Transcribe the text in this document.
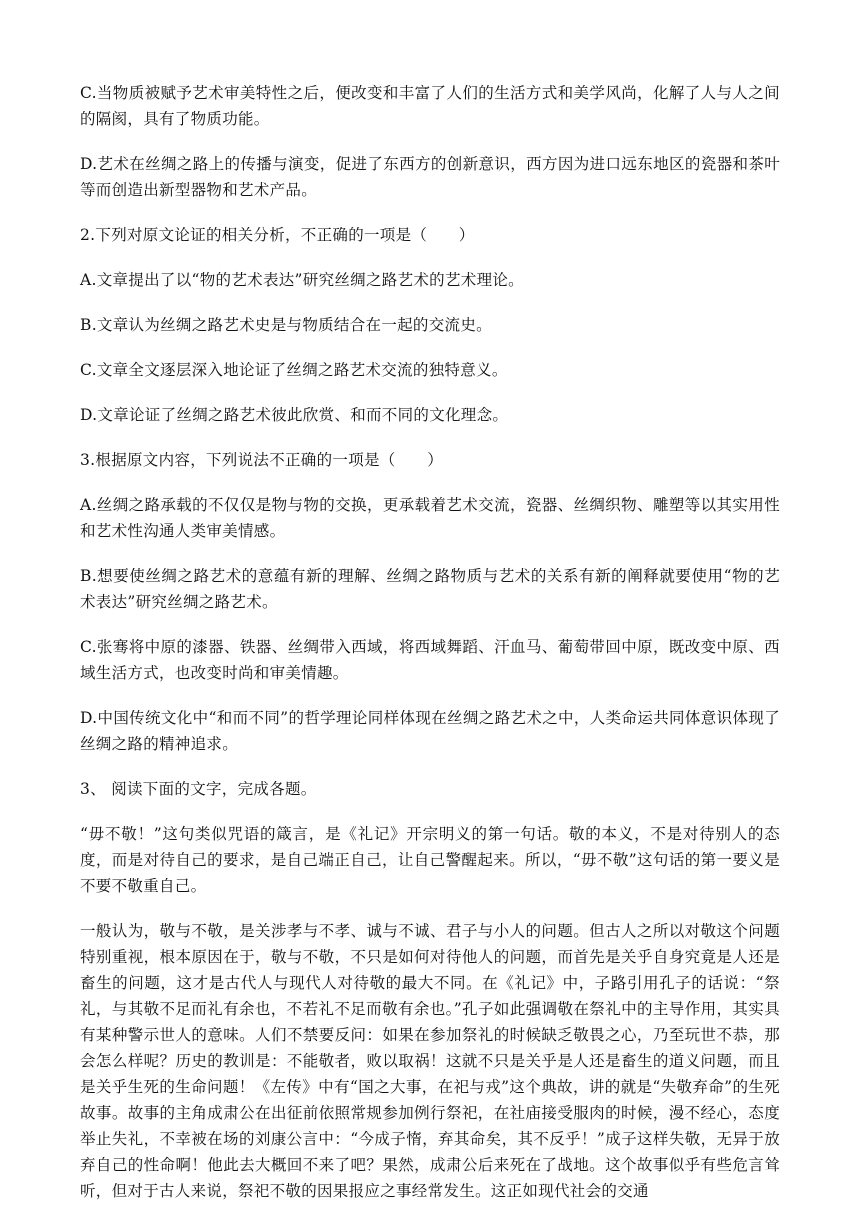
C.当物质被赋予艺术审美特性之后，便改变和丰富了人们的生活方式和美学风尚，化解了人与人之间的隔阂，具有了物质功能。

D.艺术在丝绸之路上的传播与演变，促进了东西方的创新意识，西方因为进口远东地区的瓷器和茶叶等而创造出新型器物和艺术产品。

2.下列对原文论证的相关分析，不正确的一项是（　　）

A.文章提出了以“物的艺术表达”研究丝绸之路艺术的艺术理论。

B.文章认为丝绸之路艺术史是与物质结合在一起的交流史。

C.文章全文逐层深入地论证了丝绸之路艺术交流的独特意义。

D.文章论证了丝绸之路艺术彼此欣赏、和而不同的文化理念。

3.根据原文内容，下列说法不正确的一项是（　　）

A.丝绸之路承载的不仅仅是物与物的交换，更承载着艺术交流，瓷器、丝绸织物、雕塑等以其实用性和艺术性沟通人类审美情感。

B.想要使丝绸之路艺术的意蕴有新的理解、丝绸之路物质与艺术的关系有新的阐释就要使用“物的艺术表达”研究丝绸之路艺术。

C.张骞将中原的漆器、铁器、丝绸带入西域，将西域舞蹈、汗血马、葡萄带回中原，既改变中原、西域生活方式，也改变时尚和审美情趣。

D.中国传统文化中“和而不同”的哲学理论同样体现在丝绸之路艺术之中，人类命运共同体意识体现了丝绸之路的精神追求。

3、 阅读下面的文字，完成各题。

“毋不敬！”这句类似咒语的箴言，是《礼记》开宗明义的第一句话。敬的本义，不是对待别人的态度，而是对待自己的要求，是自己端正自己，让自己警醒起来。所以，“毋不敬”这句话的第一要义是不要不敬重自己。

一般认为，敬与不敬，是关涉孝与不孝、诚与不诚、君子与小人的问题。但古人之所以对敬这个问题特别重视，根本原因在于，敬与不敬，不只是如何对待他人的问题，而首先是关乎自身究竟是人还是畜生的问题，这才是古代人与现代人对待敬的最大不同。在《礼记》中，子路引用孔子的话说：“祭礼，与其敬不足而礼有余也，不若礼不足而敬有余也。”孔子如此强调敬在祭礼中的主导作用，其实具有某种警示世人的意味。人们不禁要反问：如果在参加祭礼的时候缺乏敬畏之心，乃至玩世不恭，那会怎么样呢？历史的教训是：不能敬者，败以取祸！这就不只是关乎是人还是畜生的道义问题，而且是关乎生死的生命问题！《左传》中有“国之大事，在祀与戎”这个典故，讲的就是“失敬弃命”的生死故事。故事的主角成肃公在出征前依照常规参加例行祭祀，在社庙接受服肉的时候，漫不经心，态度举止失礼，不幸被在场的刘康公言中：“今成子惰，弃其命矣，其不反乎！”成子这样失敬，无异于放弃自己的性命啊！他此去大概回不来了吧？果然，成肃公后来死在了战地。这个故事似乎有些危言耸听，但对于古人来说，祭祀不敬的因果报应之事经常发生。这正如现代社会的交通
